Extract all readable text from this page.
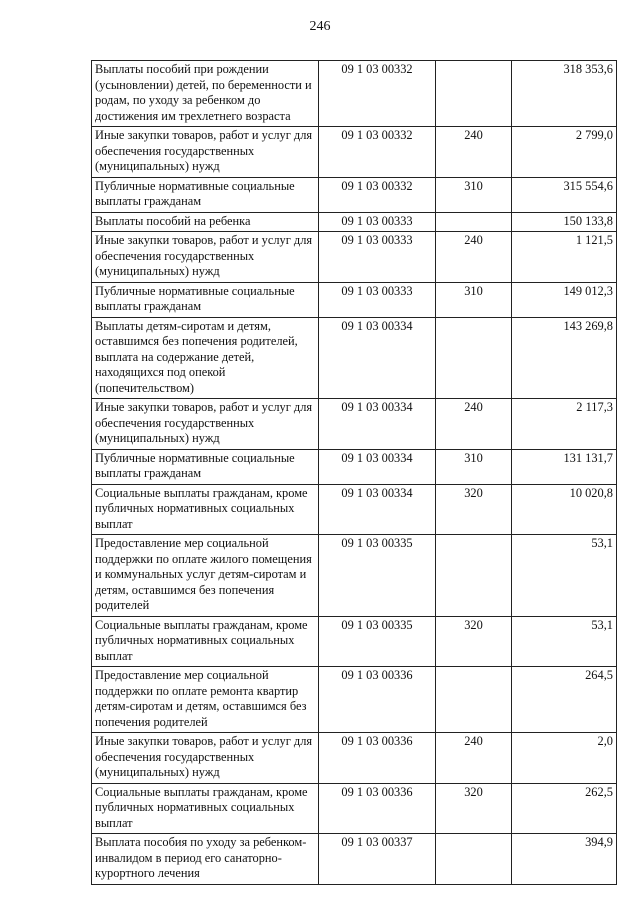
246
Выплаты пособий при рождении (усыновлении) детей, по беременности и родам, по уходу за ребенком до достижения им трехлетнего возраста	09 1 03 00332		318 353,6
Иные закупки товаров, работ и услуг для обеспечения государственных (муниципальных) нужд	09 1 03 00332	240	2 799,0
Публичные нормативные социальные выплаты гражданам	09 1 03 00332	310	315 554,6
Выплаты пособий на ребенка	09 1 03 00333		150 133,8
Иные закупки товаров, работ и услуг для обеспечения государственных (муниципальных) нужд	09 1 03 00333	240	1 121,5
Публичные нормативные социальные выплаты гражданам	09 1 03 00333	310	149 012,3
Выплаты детям-сиротам и детям, оставшимся без попечения родителей, выплата на содержание детей, находящихся под опекой (попечительством)	09 1 03 00334		143 269,8
Иные закупки товаров, работ и услуг для обеспечения государственных (муниципальных) нужд	09 1 03 00334	240	2 117,3
Публичные нормативные социальные выплаты гражданам	09 1 03 00334	310	131 131,7
Социальные выплаты гражданам, кроме публичных нормативных социальных выплат	09 1 03 00334	320	10 020,8
Предоставление мер социальной поддержки по оплате жилого помещения и коммунальных услуг детям-сиротам и детям, оставшимся без попечения родителей	09 1 03 00335		53,1
Социальные выплаты гражданам, кроме публичных нормативных социальных выплат	09 1 03 00335	320	53,1
Предоставление мер социальной поддержки по оплате ремонта квартир детям-сиротам и детям, оставшимся без попечения родителей	09 1 03 00336		264,5
Иные закупки товаров, работ и услуг для обеспечения государственных (муниципальных) нужд	09 1 03 00336	240	2,0
Социальные выплаты гражданам, кроме публичных нормативных социальных выплат	09 1 03 00336	320	262,5
Выплата пособия по уходу за ребенком-инвалидом в период его санаторно-курортного лечения	09 1 03 00337		394,9
